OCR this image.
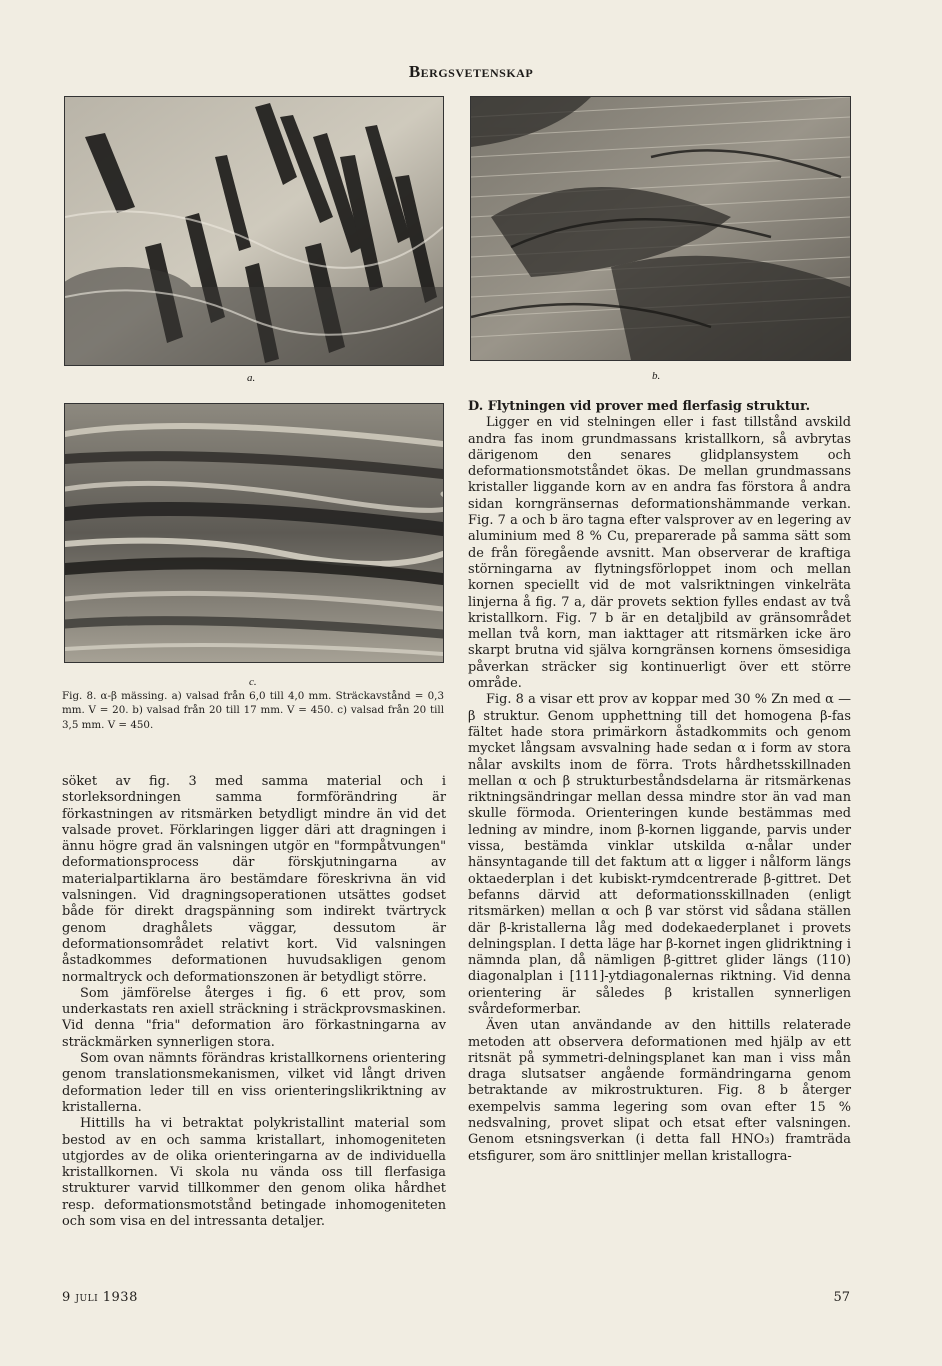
Bergsvetenskap
a.	b.
c.

Fig. 8. α-β mässing. a) valsad från 6,0 till 4,0 mm. Sträckavstånd = 0,3 mm. V = 20. b) valsad från 20 till 17 mm. V = 450. c) valsad från 20 till 3,5 mm. V = 450.

söket av fig. 3 med samma material och i storleksordningen samma formförändring är förkastningen av ritsmärken betydligt mindre än vid det valsade provet. Förklaringen ligger däri att dragningen i ännu högre grad än valsningen utgör en "formpåtvungen" deformationsprocess där förskjutningarna av materialpartiklarna äro bestämdare föreskrivna än vid valsningen. Vid dragningsoperationen utsättes godset både för direkt dragspänning som indirekt tvärtryck genom draghålets väggar, dessutom är deformationsområdet relativt kort. Vid valsningen åstadkommes deformationen huvudsakligen genom normaltryck och deformationszonen är betydligt större.

Som jämförelse återges i fig. 6 ett prov, som underkastats ren axiell sträckning i sträckprovsmaskinen. Vid denna "fria" deformation äro förkastningarna av sträckmärken synnerligen stora.

Som ovan nämnts förändras kristallkornens orientering genom translationsmekanismen, vilket vid långt driven deformation leder till en viss orienteringslikriktning av kristallerna.

Hittills ha vi betraktat polykristallint material som bestod av en och samma kristallart, inhomogeniteten utgjordes av de olika orienteringarna av de individuella kristallkornen. Vi skola nu vända oss till flerfasiga strukturer varvid tillkommer den genom olika hårdhet resp. deformationsmotstånd betingade inhomogeniteten och som visa en del intressanta detaljer.

D. Flytningen vid prover med flerfasig struktur.

Ligger en vid stelningen eller i fast tillstånd avskild andra fas inom grundmassans kristallkorn, så avbrytas därigenom den senares glidplansystem och deformationsmotståndet ökas. De mellan grundmassans kristaller liggande korn av en andra fas förstora å andra sidan korngränsernas deformationshämmande verkan. Fig. 7 a och b äro tagna efter valsprover av en legering av aluminium med 8 % Cu, preparerade på samma sätt som de från föregående avsnitt. Man observerar de kraftiga störningarna av flytningsförloppet inom och mellan kornen speciellt vid de mot valsriktningen vinkelräta linjerna å fig. 7 a, där provets sektion fylles endast av två kristallkorn. Fig. 7 b är en detaljbild av gränsområdet mellan två korn, man iakttager att ritsmärken icke äro skarpt brutna vid själva korngränsen kornens ömsesidiga påverkan sträcker sig kontinuerligt över ett större område.

Fig. 8 a visar ett prov av koppar med 30 % Zn med α — β struktur. Genom upphettning till det homogena β-fas fältet hade stora primärkorn åstadkommits och genom mycket långsam avsvalning hade sedan α i form av stora nålar avskilts inom de förra. Trots hårdhetsskillnaden mellan α och β strukturbeståndsdelarna är ritsmärkenas riktningsändringar mellan dessa mindre stor än vad man skulle förmoda. Orienteringen kunde bestämmas med ledning av mindre, inom β-kornen liggande, parvis under vissa, bestämda vinklar utskilda α-nålar under hänsyntagande till det faktum att α ligger i nålform längs oktaederplan i det kubiskt-rymdcentrerade β-gittret. Det befanns därvid att deformationsskillnaden (enligt ritsmärken) mellan α och β var störst vid sådana ställen där β-kristallerna låg med dodekaederplanet i provets delningsplan. I detta läge har β-kornet ingen glidriktning i nämnda plan, då nämligen β-gittret glider längs (110) diagonalplan i [111]-ytdiagonalernas riktning. Vid denna orientering är således β kristallen synnerligen svårdeformerbar.

Även utan användande av den hittills relaterade metoden att observera deformationen med hjälp av ett ritsnät på symmetri-delningsplanet kan man i viss mån draga slutsatser angående formändringarna genom betraktande av mikrostrukturen. Fig. 8 b återger exempelvis samma legering som ovan efter 15 % nedsvalning, provet slipat och etsat efter valsningen. Genom etsningsverkan (i detta fall HNO₃) framträda etsfigurer, som äro snittlinjer mellan kristallogra-

9 juli 1938	57
